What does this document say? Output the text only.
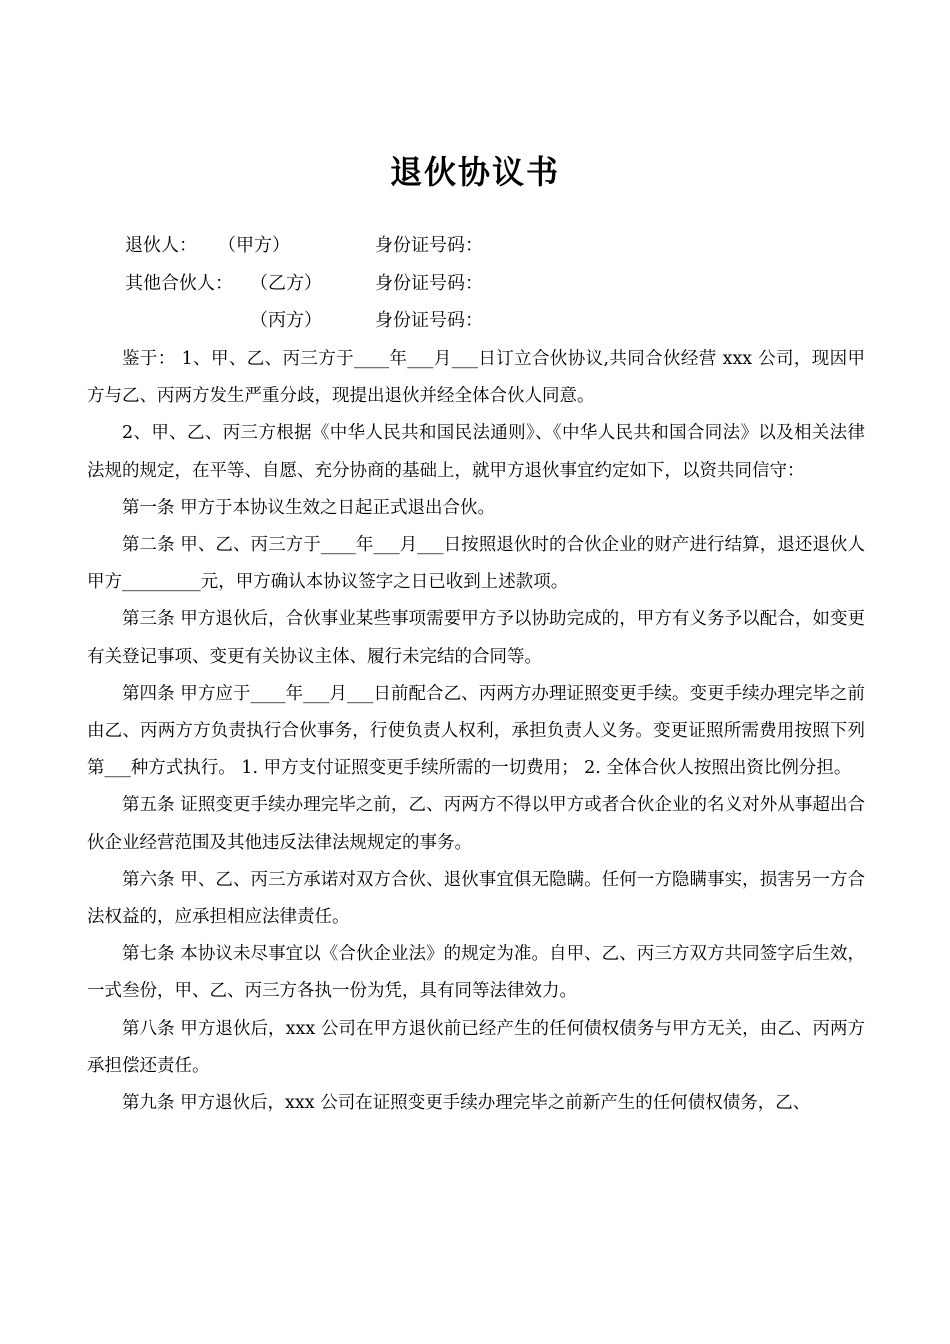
退伙协议书
退伙人： （甲方）	身份证号码：
其他合伙人： （乙方）	身份证号码：
（丙方）	身份证号码：

鉴于： 1、甲、乙、丙三方于____年___月___日订立合伙协议,共同合伙经营 xxx 公司，现因甲方与乙、丙两方发生严重分歧，现提出退伙并经全体合伙人同意。

2、甲、乙、丙三方根据《中华人民共和国民法通则》、《中华人民共和国合同法》以及相关法律法规的规定，在平等、自愿、充分协商的基础上，就甲方退伙事宜约定如下，以资共同信守：

第一条 甲方于本协议生效之日起正式退出合伙。

第二条 甲、乙、丙三方于____年___月___日按照退伙时的合伙企业的财产进行结算，退还退伙人甲方_________元，甲方确认本协议签字之日已收到上述款项。

第三条 甲方退伙后，合伙事业某些事项需要甲方予以协助完成的，甲方有义务予以配合，如变更有关登记事项、变更有关协议主体、履行未完结的合同等。

第四条 甲方应于____年___月___日前配合乙、丙两方办理证照变更手续。变更手续办理完毕之前由乙、丙两方方负责执行合伙事务，行使负责人权利，承担负责人义务。变更证照所需费用按照下列第___种方式执行。 1. 甲方支付证照变更手续所需的一切费用； 2. 全体合伙人按照出资比例分担。

第五条 证照变更手续办理完毕之前，乙、丙两方不得以甲方或者合伙企业的名义对外从事超出合伙企业经营范围及其他违反法律法规规定的事务。

第六条 甲、乙、丙三方承诺对双方合伙、退伙事宜俱无隐瞒。任何一方隐瞒事实，损害另一方合法权益的，应承担相应法律责任。

第七条 本协议未尽事宜以《合伙企业法》的规定为准。自甲、乙、丙三方双方共同签字后生效，一式叁份，甲、乙、丙三方各执一份为凭，具有同等法律效力。

第八条 甲方退伙后，xxx 公司在甲方退伙前已经产生的任何债权债务与甲方无关，由乙、丙两方承担偿还责任。

第九条 甲方退伙后，xxx 公司在证照变更手续办理完毕之前新产生的任何债权债务，乙、
